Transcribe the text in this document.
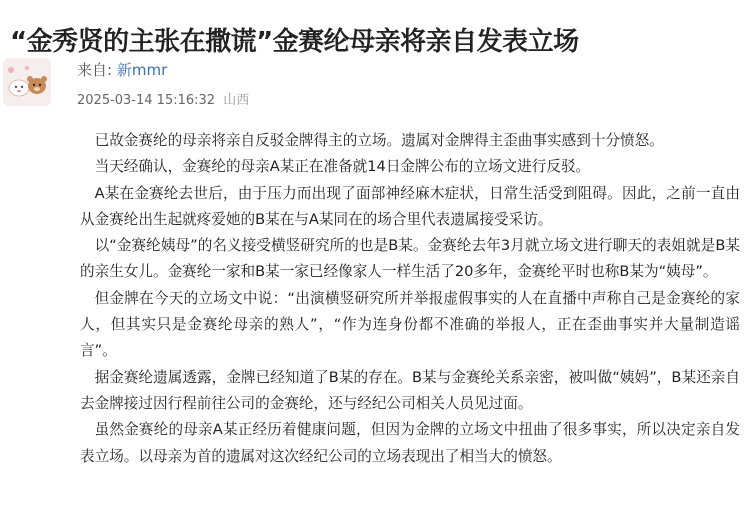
“金秀贤的主张在撒谎”金赛纶母亲将亲自发表立场
来自: 新mmr
2025-03-14 15:16:32 山西

已故金赛纶的母亲将亲自反驳金牌得主的立场。遗属对金牌得主歪曲事实感到十分愤怒。

当天经确认，金赛纶的母亲A某正在准备就14日金牌公布的立场文进行反驳。

A某在金赛纶去世后，由于压力而出现了面部神经麻木症状，日常生活受到阻碍。因此，之前一直由从金赛纶出生起就疼爱她的B某在与A某同在的场合里代表遗属接受采访。

以“金赛纶姨母”的名义接受横竖研究所的也是B某。金赛纶去年3月就立场文进行聊天的表姐就是B某的亲生女儿。金赛纶一家和B某一家已经像家人一样生活了20多年，金赛纶平时也称B某为“姨母”。

但金牌在今天的立场文中说：“出演横竖研究所并举报虚假事实的人在直播中声称自己是金赛纶的家人，但其实只是金赛纶母亲的熟人”，“作为连身份都不准确的举报人，正在歪曲事实并大量制造谣言”。

据金赛纶遗属透露，金牌已经知道了B某的存在。B某与金赛纶关系亲密，被叫做“姨妈”，B某还亲自去金牌接过因行程前往公司的金赛纶，还与经纪公司相关人员见过面。

虽然金赛纶的母亲A某正经历着健康问题，但因为金牌的立场文中扭曲了很多事实，所以决定亲自发表立场。以母亲为首的遗属对这次经纪公司的立场表现出了相当大的愤怒。
